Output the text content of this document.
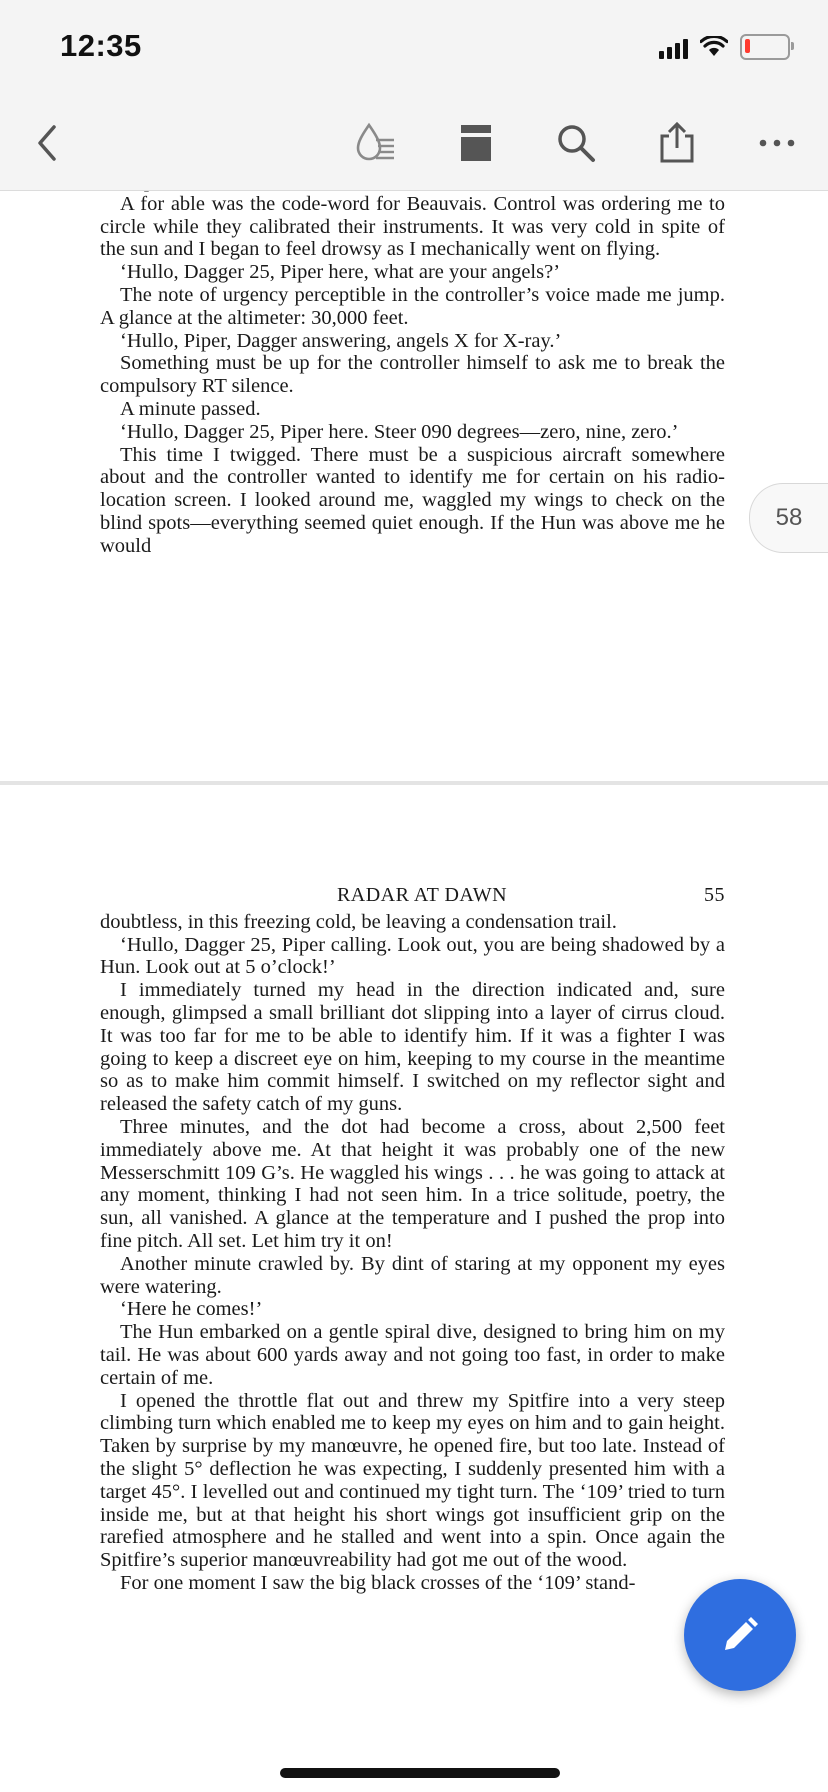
12:35

A for able was the code-word for Beauvais. Control was ordering me to circle while they calibrated their instruments. It was very cold in spite of the sun and I began to feel drowsy as I mechanically went on flying.

‘Hullo, Dagger 25, Piper here, what are your angels?’

The note of urgency perceptible in the controller’s voice made me jump. A glance at the altimeter: 30,000 feet.

‘Hullo, Piper, Dagger answering, angels X for X-ray.’

Something must be up for the controller himself to ask me to break the compulsory RT silence.

A minute passed.

‘Hullo, Dagger 25, Piper here. Steer 090 degrees—zero, nine, zero.’

This time I twigged. There must be a suspicious aircraft somewhere about and the controller wanted to identify me for certain on his radio-location screen. I looked around me, waggled my wings to check on the blind spots—everything seemed quiet enough. If the Hun was above me he would

RADAR AT DAWN	55

doubtless, in this freezing cold, be leaving a condensation trail.

‘Hullo, Dagger 25, Piper calling. Look out, you are being shadowed by a Hun. Look out at 5 o’clock!’

I immediately turned my head in the direction indicated and, sure enough, glimpsed a small brilliant dot slipping into a layer of cirrus cloud. It was too far for me to be able to identify him. If it was a fighter I was going to keep a discreet eye on him, keeping to my course in the meantime so as to make him commit himself. I switched on my reflector sight and released the safety catch of my guns.

Three minutes, and the dot had become a cross, about 2,500 feet immediately above me. At that height it was probably one of the new Messerschmitt 109 G’s. He waggled his wings . . . he was going to attack at any moment, thinking I had not seen him. In a trice solitude, poetry, the sun, all vanished. A glance at the temperature and I pushed the prop into fine pitch. All set. Let him try it on!

Another minute crawled by. By dint of staring at my opponent my eyes were watering.

‘Here he comes!’

The Hun embarked on a gentle spiral dive, designed to bring him on my tail. He was about 600 yards away and not going too fast, in order to make certain of me.

I opened the throttle flat out and threw my Spitfire into a very steep climbing turn which enabled me to keep my eyes on him and to gain height. Taken by surprise by my manœuvre, he opened fire, but too late. Instead of the slight 5° deflection he was expecting, I suddenly presented him with a target 45°. I levelled out and continued my tight turn. The ‘109’ tried to turn inside me, but at that height his short wings got insufficient grip on the rarefied atmosphere and he stalled and went into a spin. Once again the Spitfire’s superior manœuvreability had got me out of the wood.

For one moment I saw the big black crosses of the ‘109’ stand-

58
